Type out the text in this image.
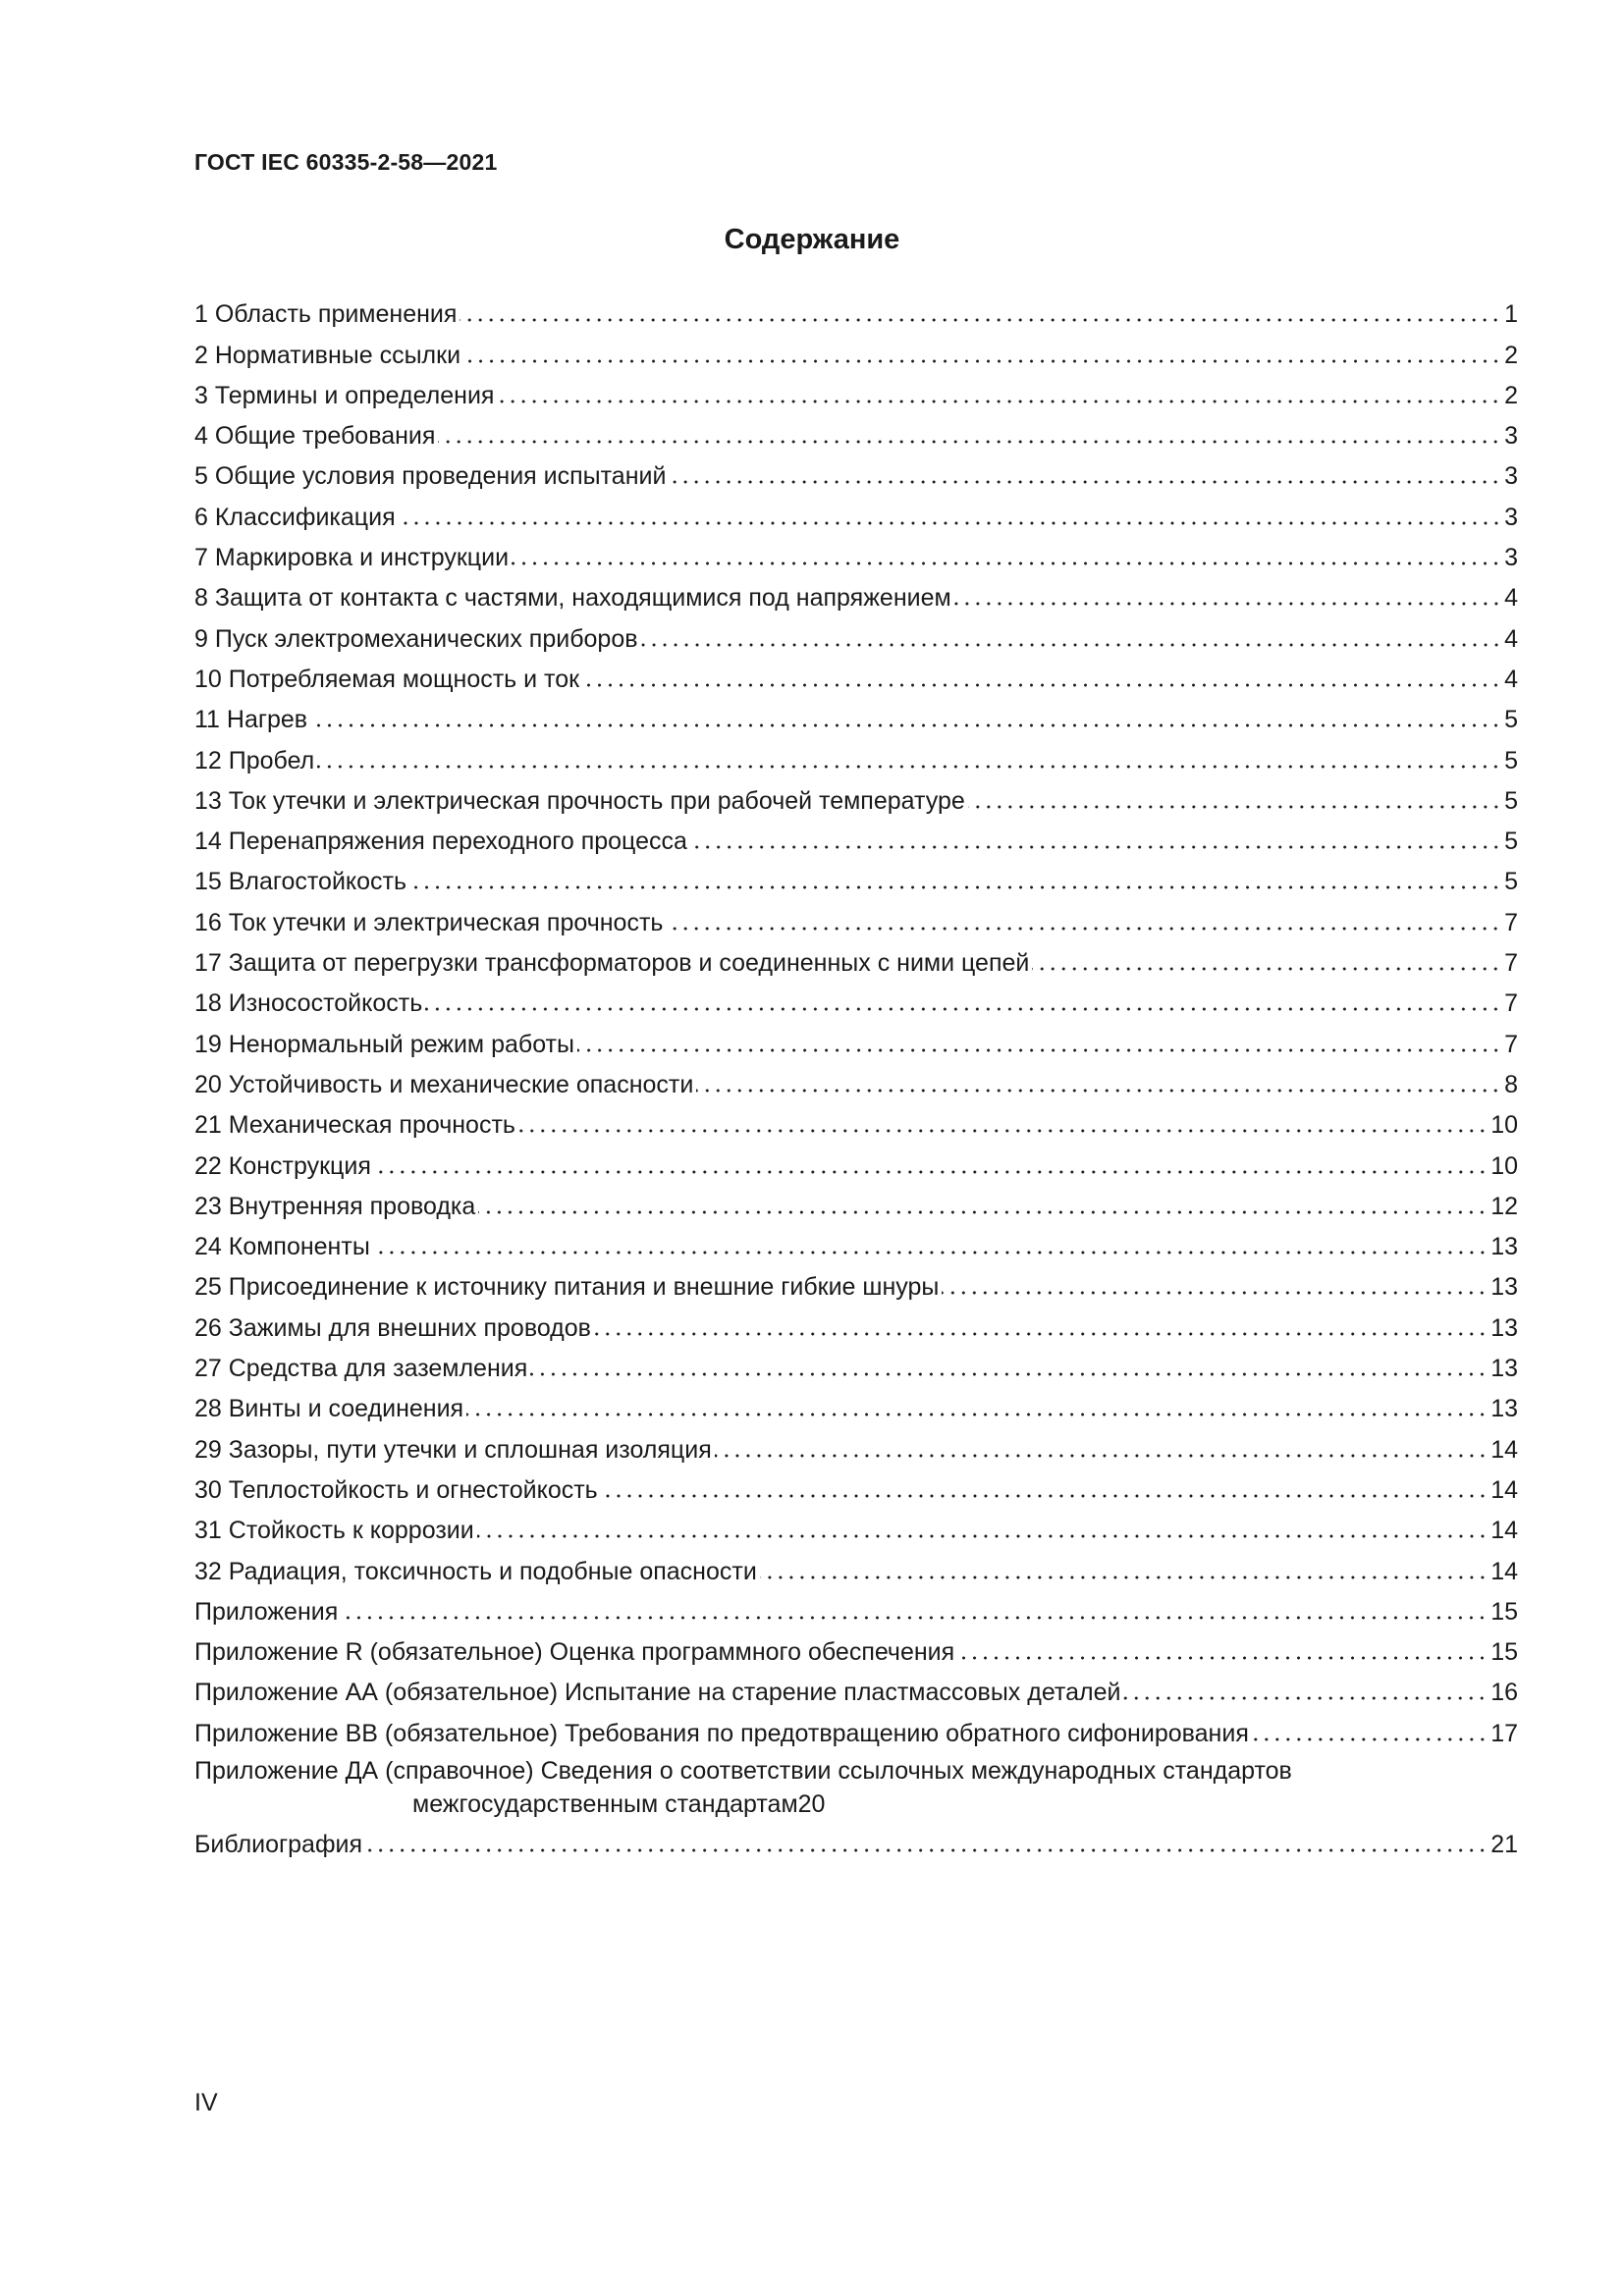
ГОСТ IEC 60335-2-58—2021
Содержание
1 Область применения	1
2 Нормативные ссылки	2
3 Термины и определения	2
4 Общие требования	3
5 Общие условия проведения испытаний	3
6 Классификация	3
7 Маркировка и инструкции	3
8 Защита от контакта с частями, находящимися под напряжением	4
9 Пуск электромеханических приборов	4
10 Потребляемая мощность и ток	4
11 Нагрев	5
12 Пробел	5
13 Ток утечки и электрическая прочность при рабочей температуре	5
14 Перенапряжения переходного процесса	5
15 Влагостойкость	5
16 Ток утечки и электрическая прочность	7
17 Защита от перегрузки трансформаторов и соединенных с ними цепей	7
18 Износостойкость	7
19 Ненормальный режим работы	7
20 Устойчивость и механические опасности	8
21 Механическая прочность	10
22 Конструкция	10
23 Внутренняя проводка	12
24 Компоненты	13
25 Присоединение к источнику питания и внешние гибкие шнуры	13
26 Зажимы для внешних проводов	13
27 Средства для заземления	13
28 Винты и соединения	13
29 Зазоры, пути утечки и сплошная изоляция	14
30 Теплостойкость и огнестойкость	14
31 Стойкость к коррозии	14
32 Радиация, токсичность и подобные опасности	14
Приложения	15
Приложение R (обязательное) Оценка программного обеспечения	15
Приложение АА (обязательное) Испытание на старение пластмассовых деталей	16
Приложение ВВ (обязательное) Требования по предотвращению обратного сифонирования	17
Приложение ДА (справочное) Сведения о соответствии ссылочных международных стандартов
межгосударственным стандартам 20
Библиография	21
IV
